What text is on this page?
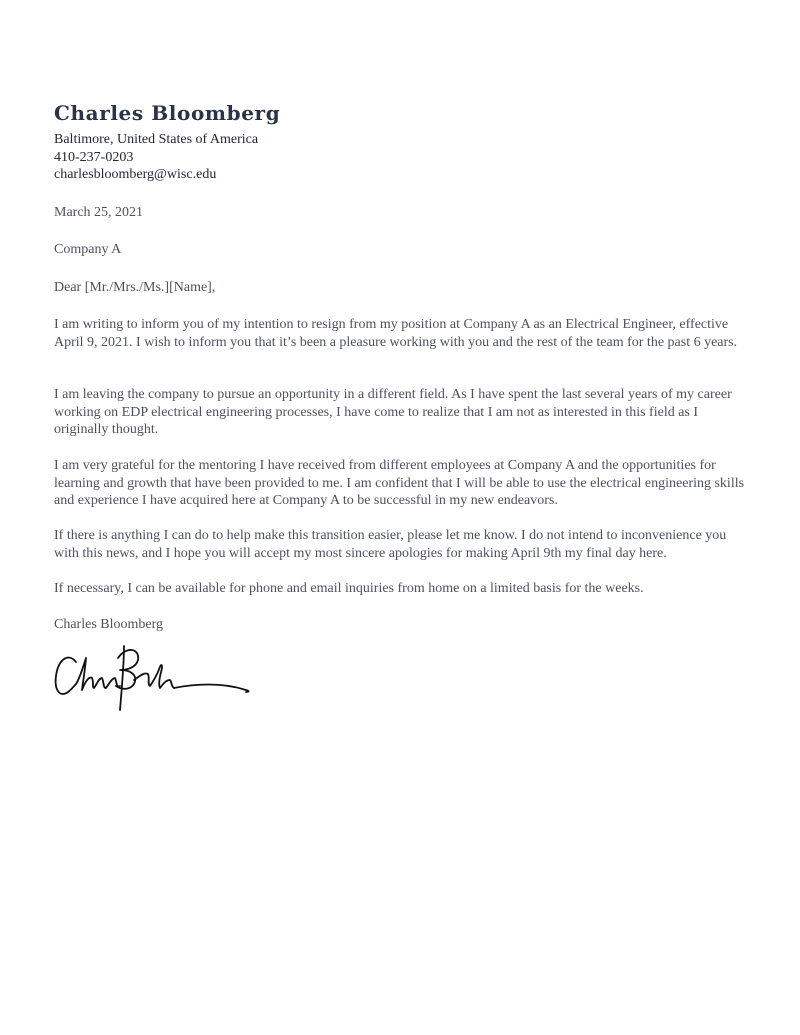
Charles Bloomberg
Baltimore, United States of America
410-237-0203
charlesbloomberg@wisc.edu
March 25, 2021
Company A
Dear [Mr./Mrs./Ms.][Name],
I am writing to inform you of my intention to resign from my position at Company A as an Electrical Engineer, effective April 9, 2021. I wish to inform you that it’s been a pleasure working with you and the rest of the team for the past 6 years.
I am leaving the company to pursue an opportunity in a different field. As I have spent the last several years of my career working on EDP electrical engineering processes, I have come to realize that I am not as interested in this field as I originally thought.
I am very grateful for the mentoring I have received from different employees at Company A and the opportunities for learning and growth that have been provided to me. I am confident that I will be able to use the electrical engineering skills and experience I have acquired here at Company A to be successful in my new endeavors.
If there is anything I can do to help make this transition easier, please let me know. I do not intend to inconvenience you with this news, and I hope you will accept my most sincere apologies for making April 9th my final day here.
If necessary, I can be available for phone and email inquiries from home on a limited basis for the weeks.
Charles Bloomberg
